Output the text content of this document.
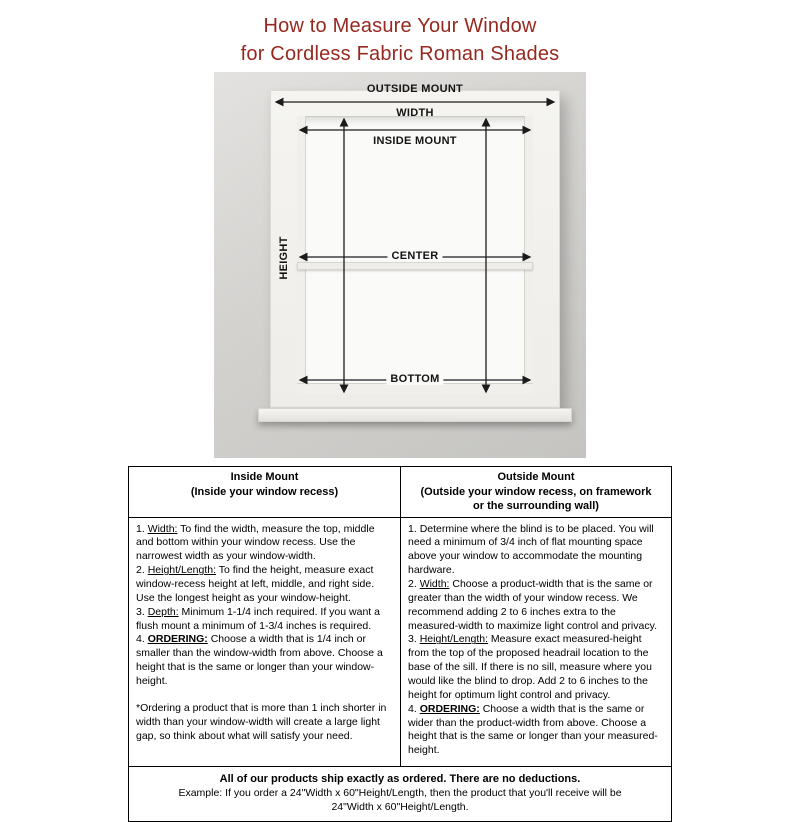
How to Measure Your Window
for Cordless Fabric Roman Shades
OUTSIDE MOUNT
WIDTH
INSIDE MOUNT
CENTER
BOTTOM
HEIGHT
Inside Mount
(Inside your window recess)
Outside Mount
(Outside your window recess, on framework or the surrounding wall)

1. Width: To find the width, measure the top, middle and bottom within your window recess. Use the narrowest width as your window-width.

2. Height/Length: To find the height, measure exact window-recess height at left, middle, and right side. Use the longest height as your window-height.

3. Depth: Minimum 1-1/4 inch required. If you want a flush mount a minimum of 1-3/4 inches is required.

4. ORDERING: Choose a width that is 1/4 inch or smaller than the window-width from above. Choose a height that is the same or longer than your window-height.

*Ordering a product that is more than 1 inch shorter in width than your window-width will create a large light gap, so think about what will satisfy your need.

1. Determine where the blind is to be placed. You will need a minimum of 3/4 inch of flat mounting space above your window to accommodate the mounting hardware.

2. Width: Choose a product-width that is the same or greater than the width of your window recess. We recommend adding 2 to 6 inches extra to the measured-width to maximize light control and privacy.

3. Height/Length: Measure exact measured-height from the top of the proposed headrail location to the base of the sill. If there is no sill, measure where you would like the blind to drop. Add 2 to 6 inches to the height for optimum light control and privacy.

4. ORDERING: Choose a width that is the same or wider than the product-width from above. Choose a height that is the same or longer than your measured-height.

All of our products ship exactly as ordered. There are no deductions.
Example: If you order a 24"Width x 60"Height/Length, then the product that you'll receive will be
24"Width x 60"Height/Length.
